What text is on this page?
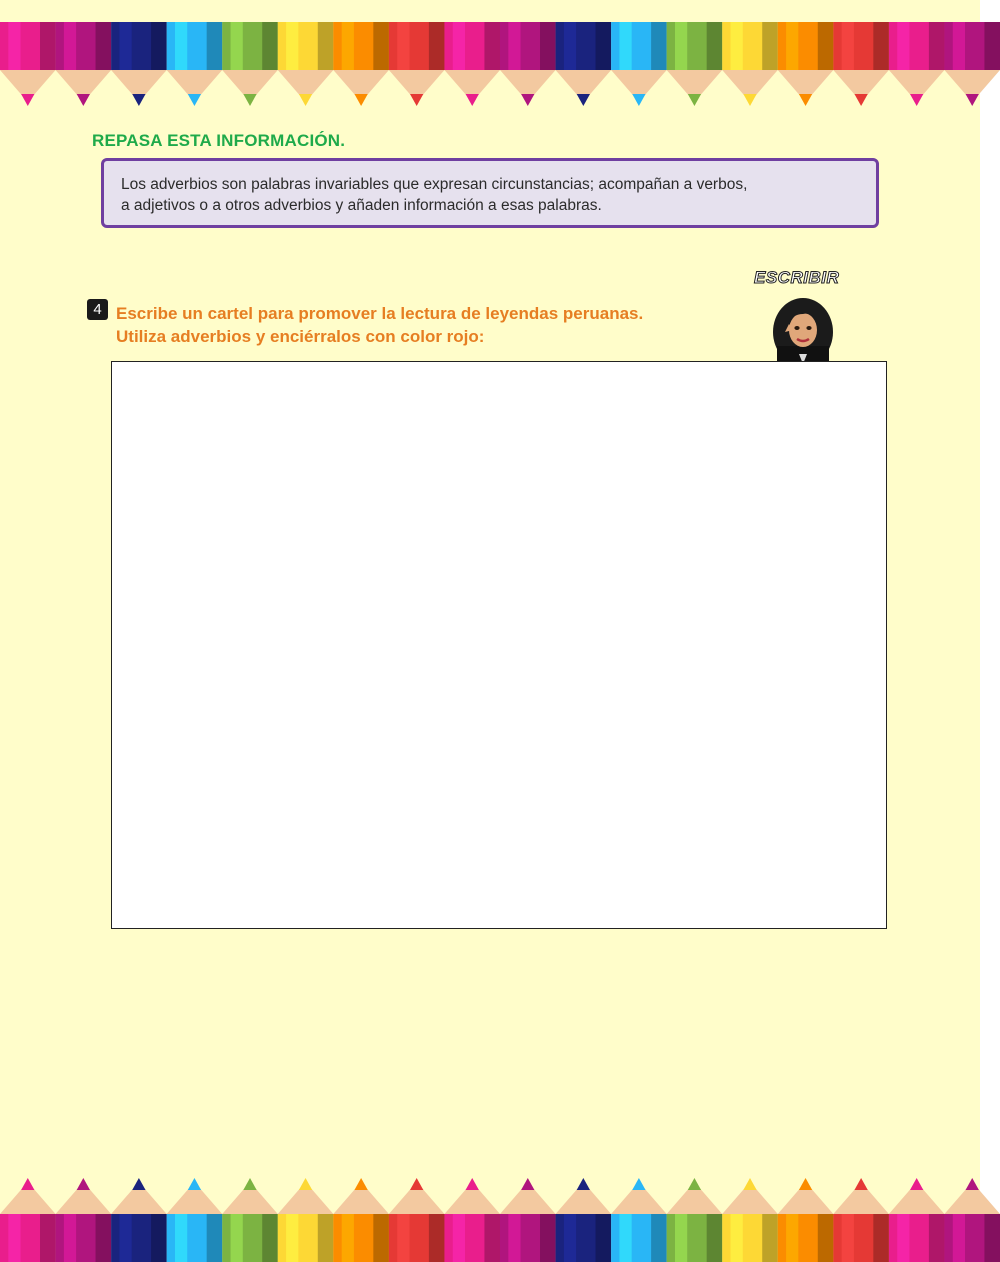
REPASA ESTA INFORMACIÓN.
Los adverbios son palabras invariables que expresan circunstancias; acompañan a verbos,
a adjetivos o a otros adverbios y añaden información a esas palabras.
ESCRIBIR
4 Escribe un cartel para promover la lectura de leyendas peruanas.
Utiliza adverbios y enciérralos con color rojo:
